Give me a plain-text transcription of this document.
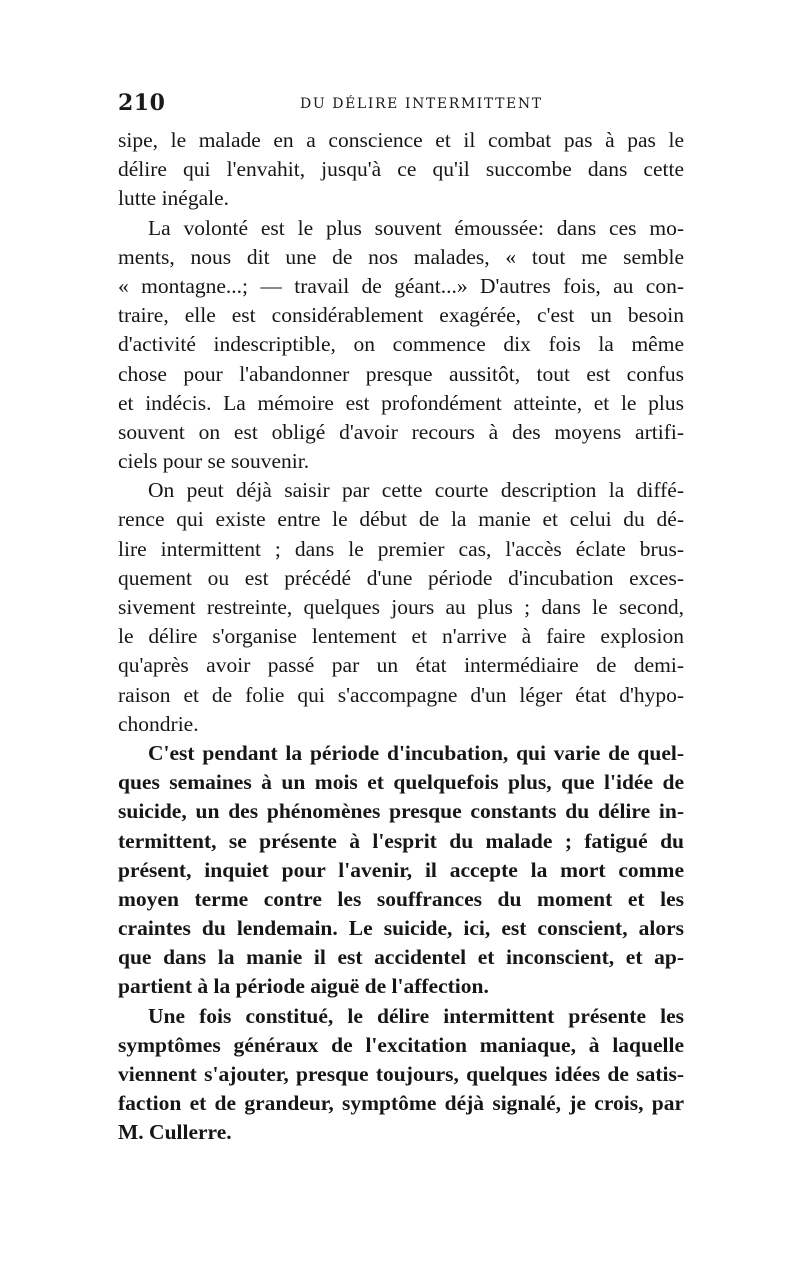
210	DU DÉLIRE INTERMITTENT
sipe, le malade en a conscience et il combat pas à pas le
délire qui l'envahit, jusqu'à ce qu'il succombe dans cette
lutte inégale.
La volonté est le plus souvent émoussée: dans ces mo-
ments, nous dit une de nos malades, « tout me semble
« montagne...; — travail de géant...» D'autres fois, au con-
traire, elle est considérablement exagérée, c'est un besoin
d'activité indescriptible, on commence dix fois la même
chose pour l'abandonner presque aussitôt, tout est confus
et indécis. La mémoire est profondément atteinte, et le plus
souvent on est obligé d'avoir recours à des moyens artifi-
ciels pour se souvenir.
On peut déjà saisir par cette courte description la diffé-
rence qui existe entre le début de la manie et celui du dé-
lire intermittent ; dans le premier cas, l'accès éclate brus-
quement ou est précédé d'une période d'incubation exces-
sivement restreinte, quelques jours au plus ; dans le second,
le délire s'organise lentement et n'arrive à faire explosion
qu'après avoir passé par un état intermédiaire de demi-
raison et de folie qui s'accompagne d'un léger état d'hypo-
chondrie.
C'est pendant la période d'incubation, qui varie de quel-
ques semaines à un mois et quelquefois plus, que l'idée de
suicide, un des phénomènes presque constants du délire in-
termittent, se présente à l'esprit du malade ; fatigué du
présent, inquiet pour l'avenir, il accepte la mort comme
moyen terme contre les souffrances du moment et les
craintes du lendemain. Le suicide, ici, est conscient, alors
que dans la manie il est accidentel et inconscient, et ap-
partient à la période aiguë de l'affection.
Une fois constitué, le délire intermittent présente les
symptômes généraux de l'excitation maniaque, à laquelle
viennent s'ajouter, presque toujours, quelques idées de satis-
faction et de grandeur, symptôme déjà signalé, je crois, par
M. Cullerre.
